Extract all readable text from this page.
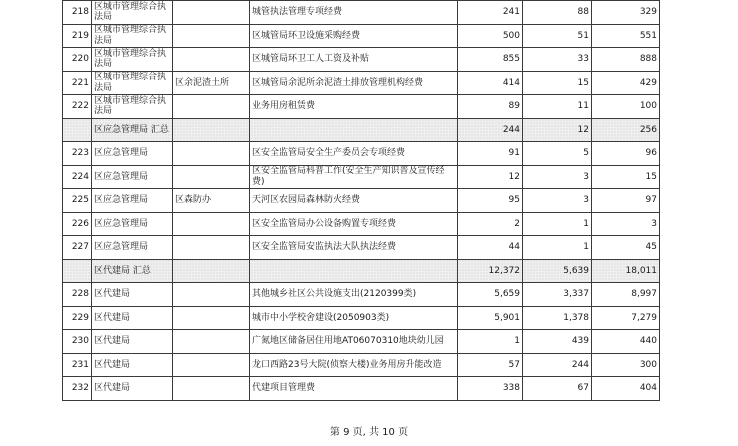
218	区城市管理综合执法局		城管执法管理专项经费	241	88	329
219	区城市管理综合执法局		区城管局环卫设施采购经费	500	51	551
220	区城市管理综合执法局		区城管局环卫工人工资及补贴	855	33	888
221	区城市管理综合执法局	区余泥渣土所	区城管局余泥所余泥渣土排放管理机构经费	414	15	429
222	区城市管理综合执法局		业务用房租赁费	89	11	100
	区应急管理局 汇总			244	12	256
223	区应急管理局		区安全监管局安全生产委员会专项经费	91	5	96
224	区应急管理局		区安全监管局科普工作(安全生产知识普及宣传经费)	12	3	15
225	区应急管理局	区森防办	天河区农园局森林防火经费	95	3	97
226	区应急管理局		区安全监管局办公设备购置专项经费	2	1	3
227	区应急管理局		区安全监管局安监执法大队执法经费	44	1	45
	区代建局 汇总			12,372	5,639	18,011
228	区代建局		其他城乡社区公共设施支出(2120399类)	5,659	3,337	8,997
229	区代建局		城市中小学校舍建设(2050903类)	5,901	1,378	7,279
230	区代建局		广氮地区储备居住用地AT06070310地块幼儿园	1	439	440
231	区代建局		龙口西路23号大院(侦察大楼)业务用房升能改造	57	244	300
232	区代建局		代建项目管理费	338	67	404
第 9 页, 共 10 页
